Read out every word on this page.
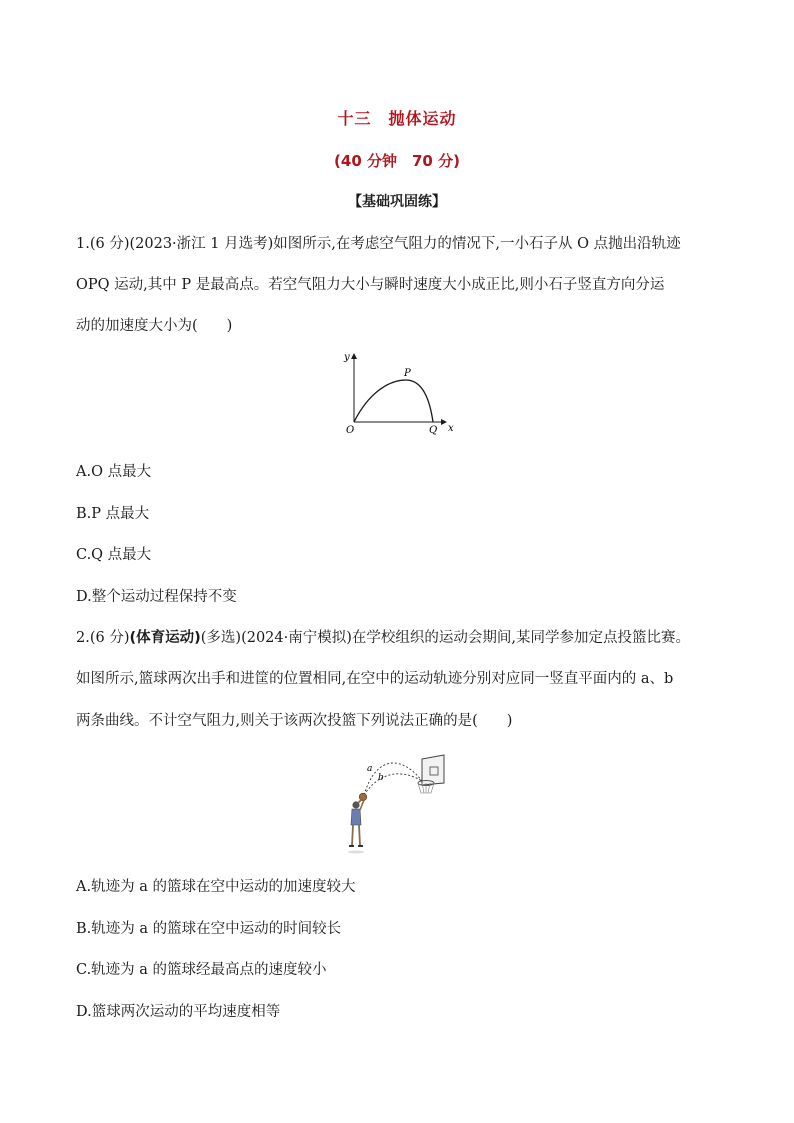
十三　抛体运动
(40 分钟　70 分)
【基础巩固练】
1.(6 分)(2023·浙江 1 月选考)如图所示,在考虑空气阻力的情况下,一小石子从 O 点抛出沿轨迹
OPQ 运动,其中 P 是最高点。若空气阻力大小与瞬时速度大小成正比,则小石子竖直方向分运
动的加速度大小为(　　)
y
x
O
P
Q
A.O 点最大
B.P 点最大
C.Q 点最大
D.整个运动过程保持不变
2.(6 分)(体育运动)(多选)(2024·南宁模拟)在学校组织的运动会期间,某同学参加定点投篮比赛。
如图所示,篮球两次出手和进筐的位置相同,在空中的运动轨迹分别对应同一竖直平面内的 a、b
两条曲线。不计空气阻力,则关于该两次投篮下列说法正确的是(　　)
a
b
A.轨迹为 a 的篮球在空中运动的加速度较大
B.轨迹为 a 的篮球在空中运动的时间较长
C.轨迹为 a 的篮球经最高点的速度较小
D.篮球两次运动的平均速度相等
